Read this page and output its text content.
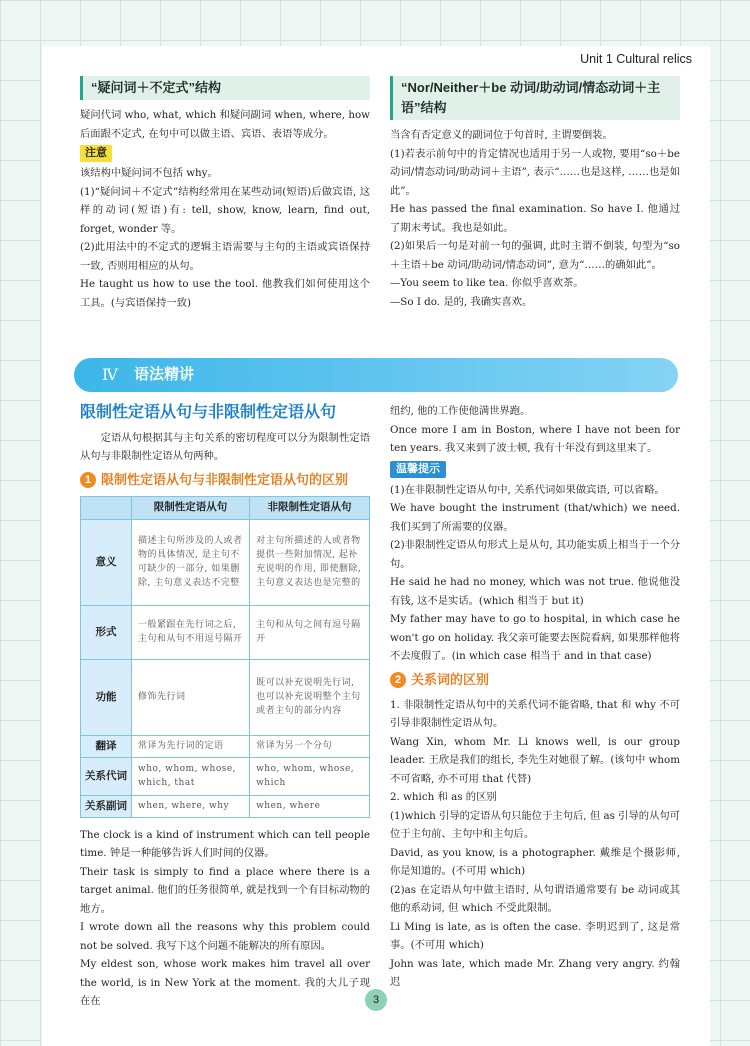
Unit 1 Cultural relics
“疑问词＋不定式”结构

疑问代词 who, what, which 和疑问副词 when, where, how 后面跟不定式, 在句中可以做主语、宾语、表语等成分。

注意

该结构中疑问词不包括 why。

(1)“疑问词＋不定式”结构经常用在某些动词(短语)后做宾语, 这样的动词(短语)有: tell, show, know, learn, find out, forget, wonder 等。

(2)此用法中的不定式的逻辑主语需要与主句的主语或宾语保持一致, 否则用相应的从句。

He taught us how to use the tool. 他教我们如何使用这个工具。(与宾语保持一致)

“Nor/Neither＋be 动词/助动词/情态动词＋主语”结构

当含有否定意义的副词位于句首时, 主谓要倒装。

(1)若表示前句中的肯定情况也适用于另一人或物, 要用“so＋be 动词/情态动词/助动词＋主语”, 表示“……也是这样, ……也是如此”。

He has passed the final examination. So have I. 他通过了期末考试。我也是如此。

(2)如果后一句是对前一句的强调, 此时主谓不倒装, 句型为“so＋主语＋be 动词/助动词/情态动词”, 意为“……的确如此”。

—You seem to like tea. 你似乎喜欢茶。

—So I do. 是的, 我确实喜欢。

Ⅳ 语法精讲
限制性定语从句与非限制性定语从句

定语从句根据其与主句关系的密切程度可以分为限制性定语从句与非限制性定语从句两种。

1 限制性定语从句与非限制性定语从句的区别
	限制性定语从句	非限制性定语从句
意义	描述主句所涉及的人或者物的具体情况, 是主句不可缺少的一部分, 如果删除, 主句意义表达不完整	对主句所描述的人或者物提供一些附加情况, 起补充说明的作用, 即使删除, 主句意义表达也是完整的
形式	一般紧跟在先行词之后, 主句和从句不用逗号隔开	主句和从句之间有逗号隔开
功能	修饰先行词	既可以补充说明先行词, 也可以补充说明整个主句或者主句的部分内容
翻译	常译为先行词的定语	常译为另一个分句
关系代词	who, whom, whose, which, that	who, whom, whose, which
关系副词	when, where, why	when, where

The clock is a kind of instrument which can tell people time. 钟是一种能够告诉人们时间的仪器。

Their task is simply to find a place where there is a target animal. 他们的任务很简单, 就是找到一个有目标动物的地方。

I wrote down all the reasons why this problem could not be solved. 我写下这个问题不能解决的所有原因。

My eldest son, whose work makes him travel all over the world, is in New York at the moment. 我的大儿子现在在

纽约, 他的工作使他满世界跑。

Once more I am in Boston, where I have not been for ten years. 我又来到了波士顿, 我有十年没有到这里来了。

温馨提示

(1)在非限制性定语从句中, 关系代词如果做宾语, 可以省略。

We have bought the instrument (that/which) we need. 我们买到了所需要的仪器。

(2)非限制性定语从句形式上是从句, 其功能实质上相当于一个分句。

He said he had no money, which was not true. 他说他没有钱, 这不是实话。(which 相当于 but it)

My father may have to go to hospital, in which case he won't go on holiday. 我父亲可能要去医院看病, 如果那样他将不去度假了。(in which case 相当于 and in that case)

2 关系词的区别

1. 非限制性定语从句中的关系代词不能省略, that 和 why 不可引导非限制性定语从句。

Wang Xin, whom Mr. Li knows well, is our group leader. 王欣是我们的组长, 李先生对她很了解。(该句中 whom 不可省略, 亦不可用 that 代替)

2. which 和 as 的区别

(1)which 引导的定语从句只能位于主句后, 但 as 引导的从句可位于主句前、主句中和主句后。

David, as you know, is a photographer. 戴维是个摄影师, 你是知道的。(不可用 which)

(2)as 在定语从句中做主语时, 从句谓语通常要有 be 动词或其他的系动词, 但 which 不受此限制。

Li Ming is late, as is often the case. 李明迟到了, 这是常事。(不可用 which)

John was late, which made Mr. Zhang very angry. 约翰迟

3
